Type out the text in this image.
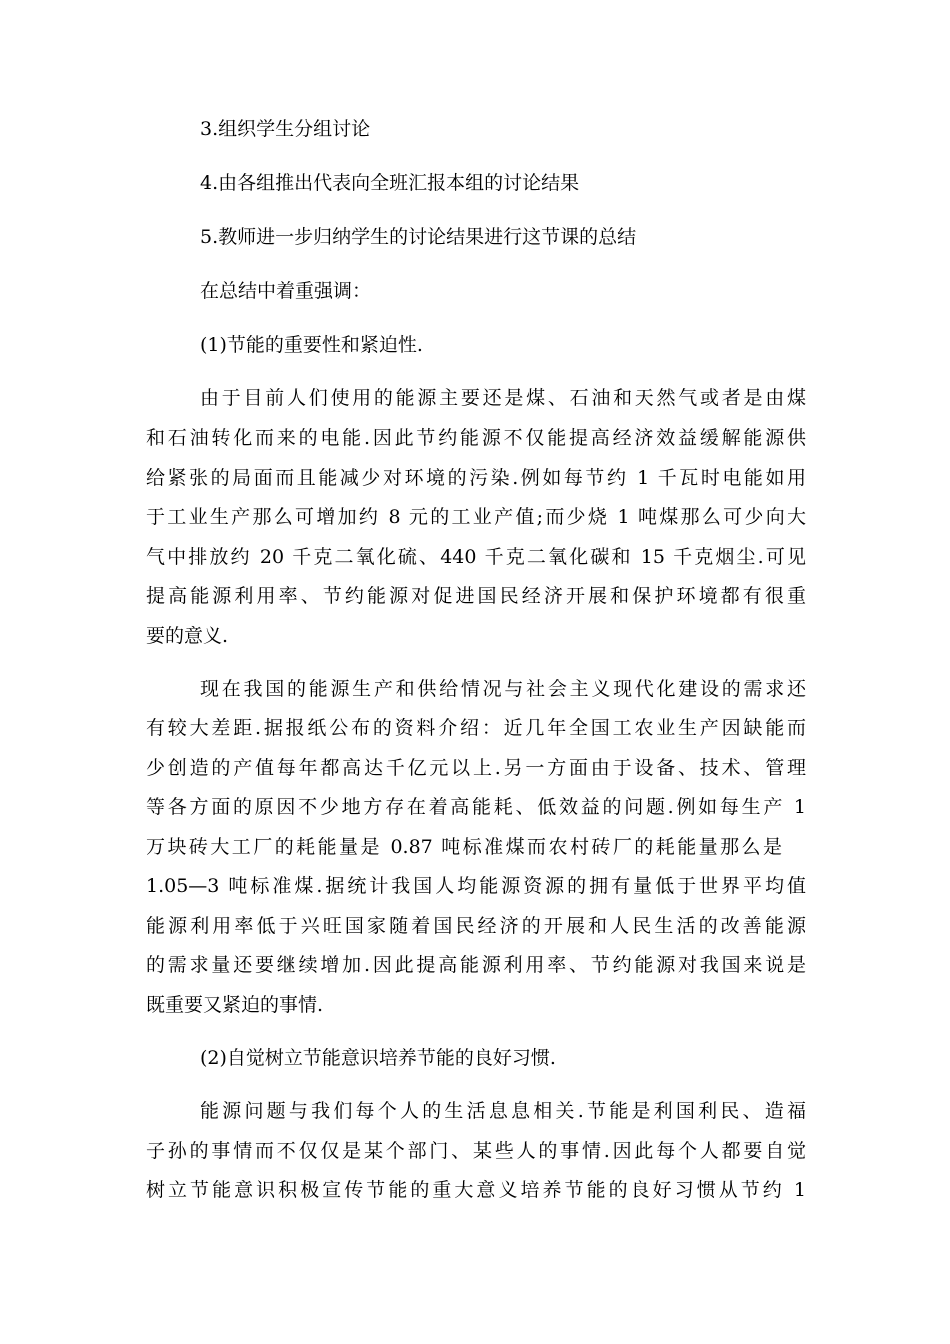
3.组织学生分组讨论

4.由各组推出代表向全班汇报本组的讨论结果

5.教师进一步归纳学生的讨论结果进行这节课的总结

在总结中着重强调：

(1)节能的重要性和紧迫性.

由于目前人们使用的能源主要还是煤、石油和天然气或者是由煤

和石油转化而来的电能.因此节约能源不仅能提高经济效益缓解能源供

给紧张的局面而且能减少对环境的污染.例如每节约 1 千瓦时电能如用

于工业生产那么可增加约 8 元的工业产值;而少烧 1 吨煤那么可少向大

气中排放约 20 千克二氧化硫、440 千克二氧化碳和 15 千克烟尘.可见

提高能源利用率、节约能源对促进国民经济开展和保护环境都有很重

要的意义.

现在我国的能源生产和供给情况与社会主义现代化建设的需求还

有较大差距.据报纸公布的资料介绍：近几年全国工农业生产因缺能而

少创造的产值每年都高达千亿元以上.另一方面由于设备、技术、管理

等各方面的原因不少地方存在着高能耗、低效益的问题.例如每生产 1

万块砖大工厂的耗能量是 0.87 吨标准煤而农村砖厂的耗能量那么是

1.05—3 吨标准煤.据统计我国人均能源资源的拥有量低于世界平均值

能源利用率低于兴旺国家随着国民经济的开展和人民生活的改善能源

的需求量还要继续增加.因此提高能源利用率、节约能源对我国来说是

既重要又紧迫的事情.

(2)自觉树立节能意识培养节能的良好习惯.

能源问题与我们每个人的生活息息相关.节能是利国利民、造福

子孙的事情而不仅仅是某个部门、某些人的事情.因此每个人都要自觉

树立节能意识积极宣传节能的重大意义培养节能的良好习惯从节约 1
